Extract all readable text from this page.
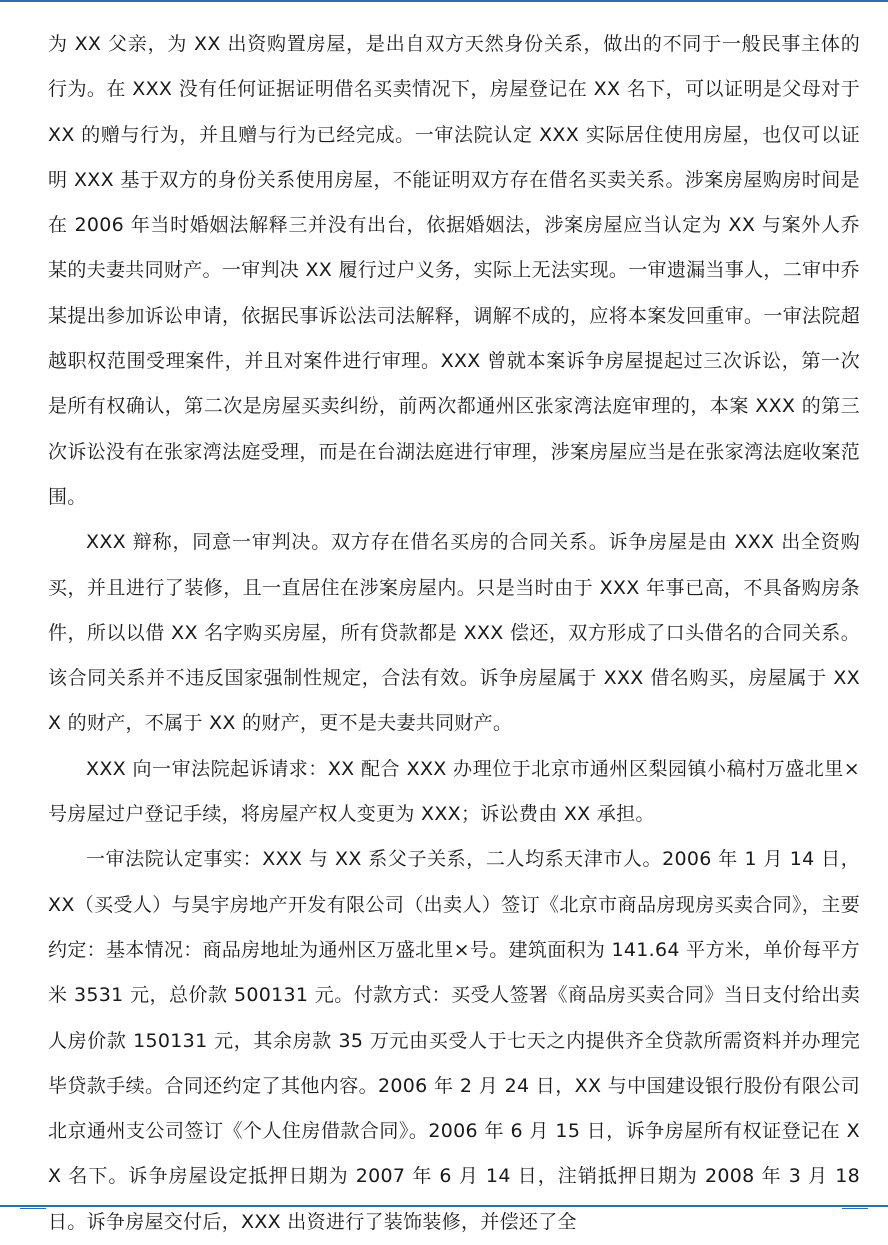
为 XX 父亲，为 XX 出资购置房屋，是出自双方天然身份关系，做出的不同于一般民事主体的行为。在 XXX 没有任何证据证明借名买卖情况下，房屋登记在 XX 名下，可以证明是父母对于 XX 的赠与行为，并且赠与行为已经完成。一审法院认定 XXX 实际居住使用房屋，也仅可以证明 XXX 基于双方的身份关系使用房屋，不能证明双方存在借名买卖关系。涉案房屋购房时间是在 2006 年当时婚姻法解释三并没有出台，依据婚姻法，涉案房屋应当认定为 XX 与案外人乔某的夫妻共同财产。一审判决 XX 履行过户义务，实际上无法实现。一审遗漏当事人，二审中乔某提出参加诉讼申请，依据民事诉讼法司法解释，调解不成的，应将本案发回重审。一审法院超越职权范围受理案件，并且对案件进行审理。XXX 曾就本案诉争房屋提起过三次诉讼，第一次是所有权确认，第二次是房屋买卖纠纷，前两次都通州区张家湾法庭审理的，本案 XXX 的第三次诉讼没有在张家湾法庭受理，而是在台湖法庭进行审理，涉案房屋应当是在张家湾法庭收案范围。

XXX 辩称，同意一审判决。双方存在借名买房的合同关系。诉争房屋是由 XXX 出全资购买，并且进行了装修，且一直居住在涉案房屋内。只是当时由于 XXX 年事已高，不具备购房条件，所以以借 XX 名字购买房屋，所有贷款都是 XXX 偿还，双方形成了口头借名的合同关系。该合同关系并不违反国家强制性规定，合法有效。诉争房屋属于 XXX 借名购买，房屋属于 XXX 的财产，不属于 XX 的财产，更不是夫妻共同财产。

XXX 向一审法院起诉请求：XX 配合 XXX 办理位于北京市通州区梨园镇小稿村万盛北里×号房屋过户登记手续，将房屋产权人变更为 XXX；诉讼费由 XX 承担。

一审法院认定事实：XXX 与 XX 系父子关系，二人均系天津市人。2006 年 1 月 14 日，XX（买受人）与昊宇房地产开发有限公司（出卖人）签订《北京市商品房现房买卖合同》，主要约定：基本情况：商品房地址为通州区万盛北里×号。建筑面积为 141.64 平方米，单价每平方米 3531 元，总价款 500131 元。付款方式：买受人签署《商品房买卖合同》当日支付给出卖人房价款 150131 元，其余房款 35 万元由买受人于七天之内提供齐全贷款所需资料并办理完毕贷款手续。合同还约定了其他内容。2006 年 2 月 24 日，XX 与中国建设银行股份有限公司北京通州支公司签订《个人住房借款合同》。2006 年 6 月 15 日，诉争房屋所有权证登记在 XX 名下。诉争房屋设定抵押日期为 2007 年 6 月 14 日，注销抵押日期为 2008 年 3 月 18 日。诉争房屋交付后，XXX 出资进行了装饰装修，并偿还了全
